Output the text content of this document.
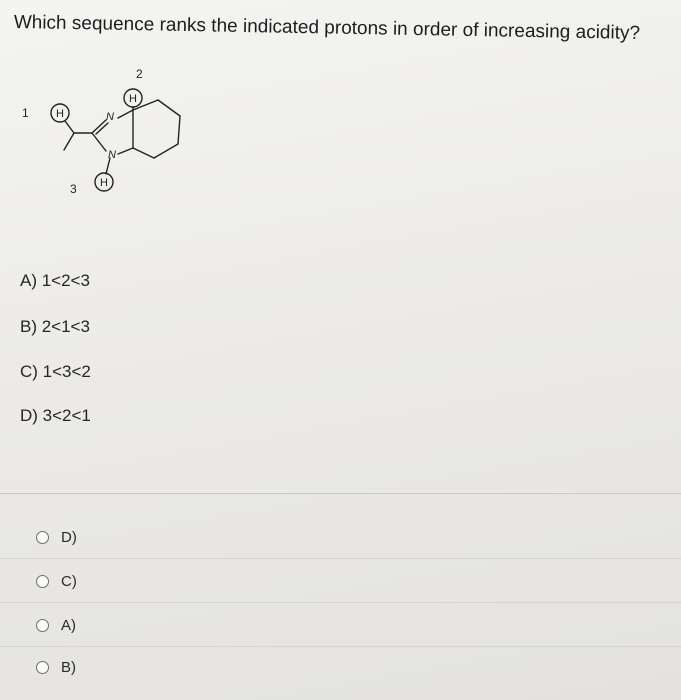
Which sequence ranks the indicated protons in order of increasing acidity?
1 H
2
H
3 H
N
N
A) 1<2<3
B) 2<1<3
C) 1<3<2
D) 3<2<1
D)
C)
A)
B)
